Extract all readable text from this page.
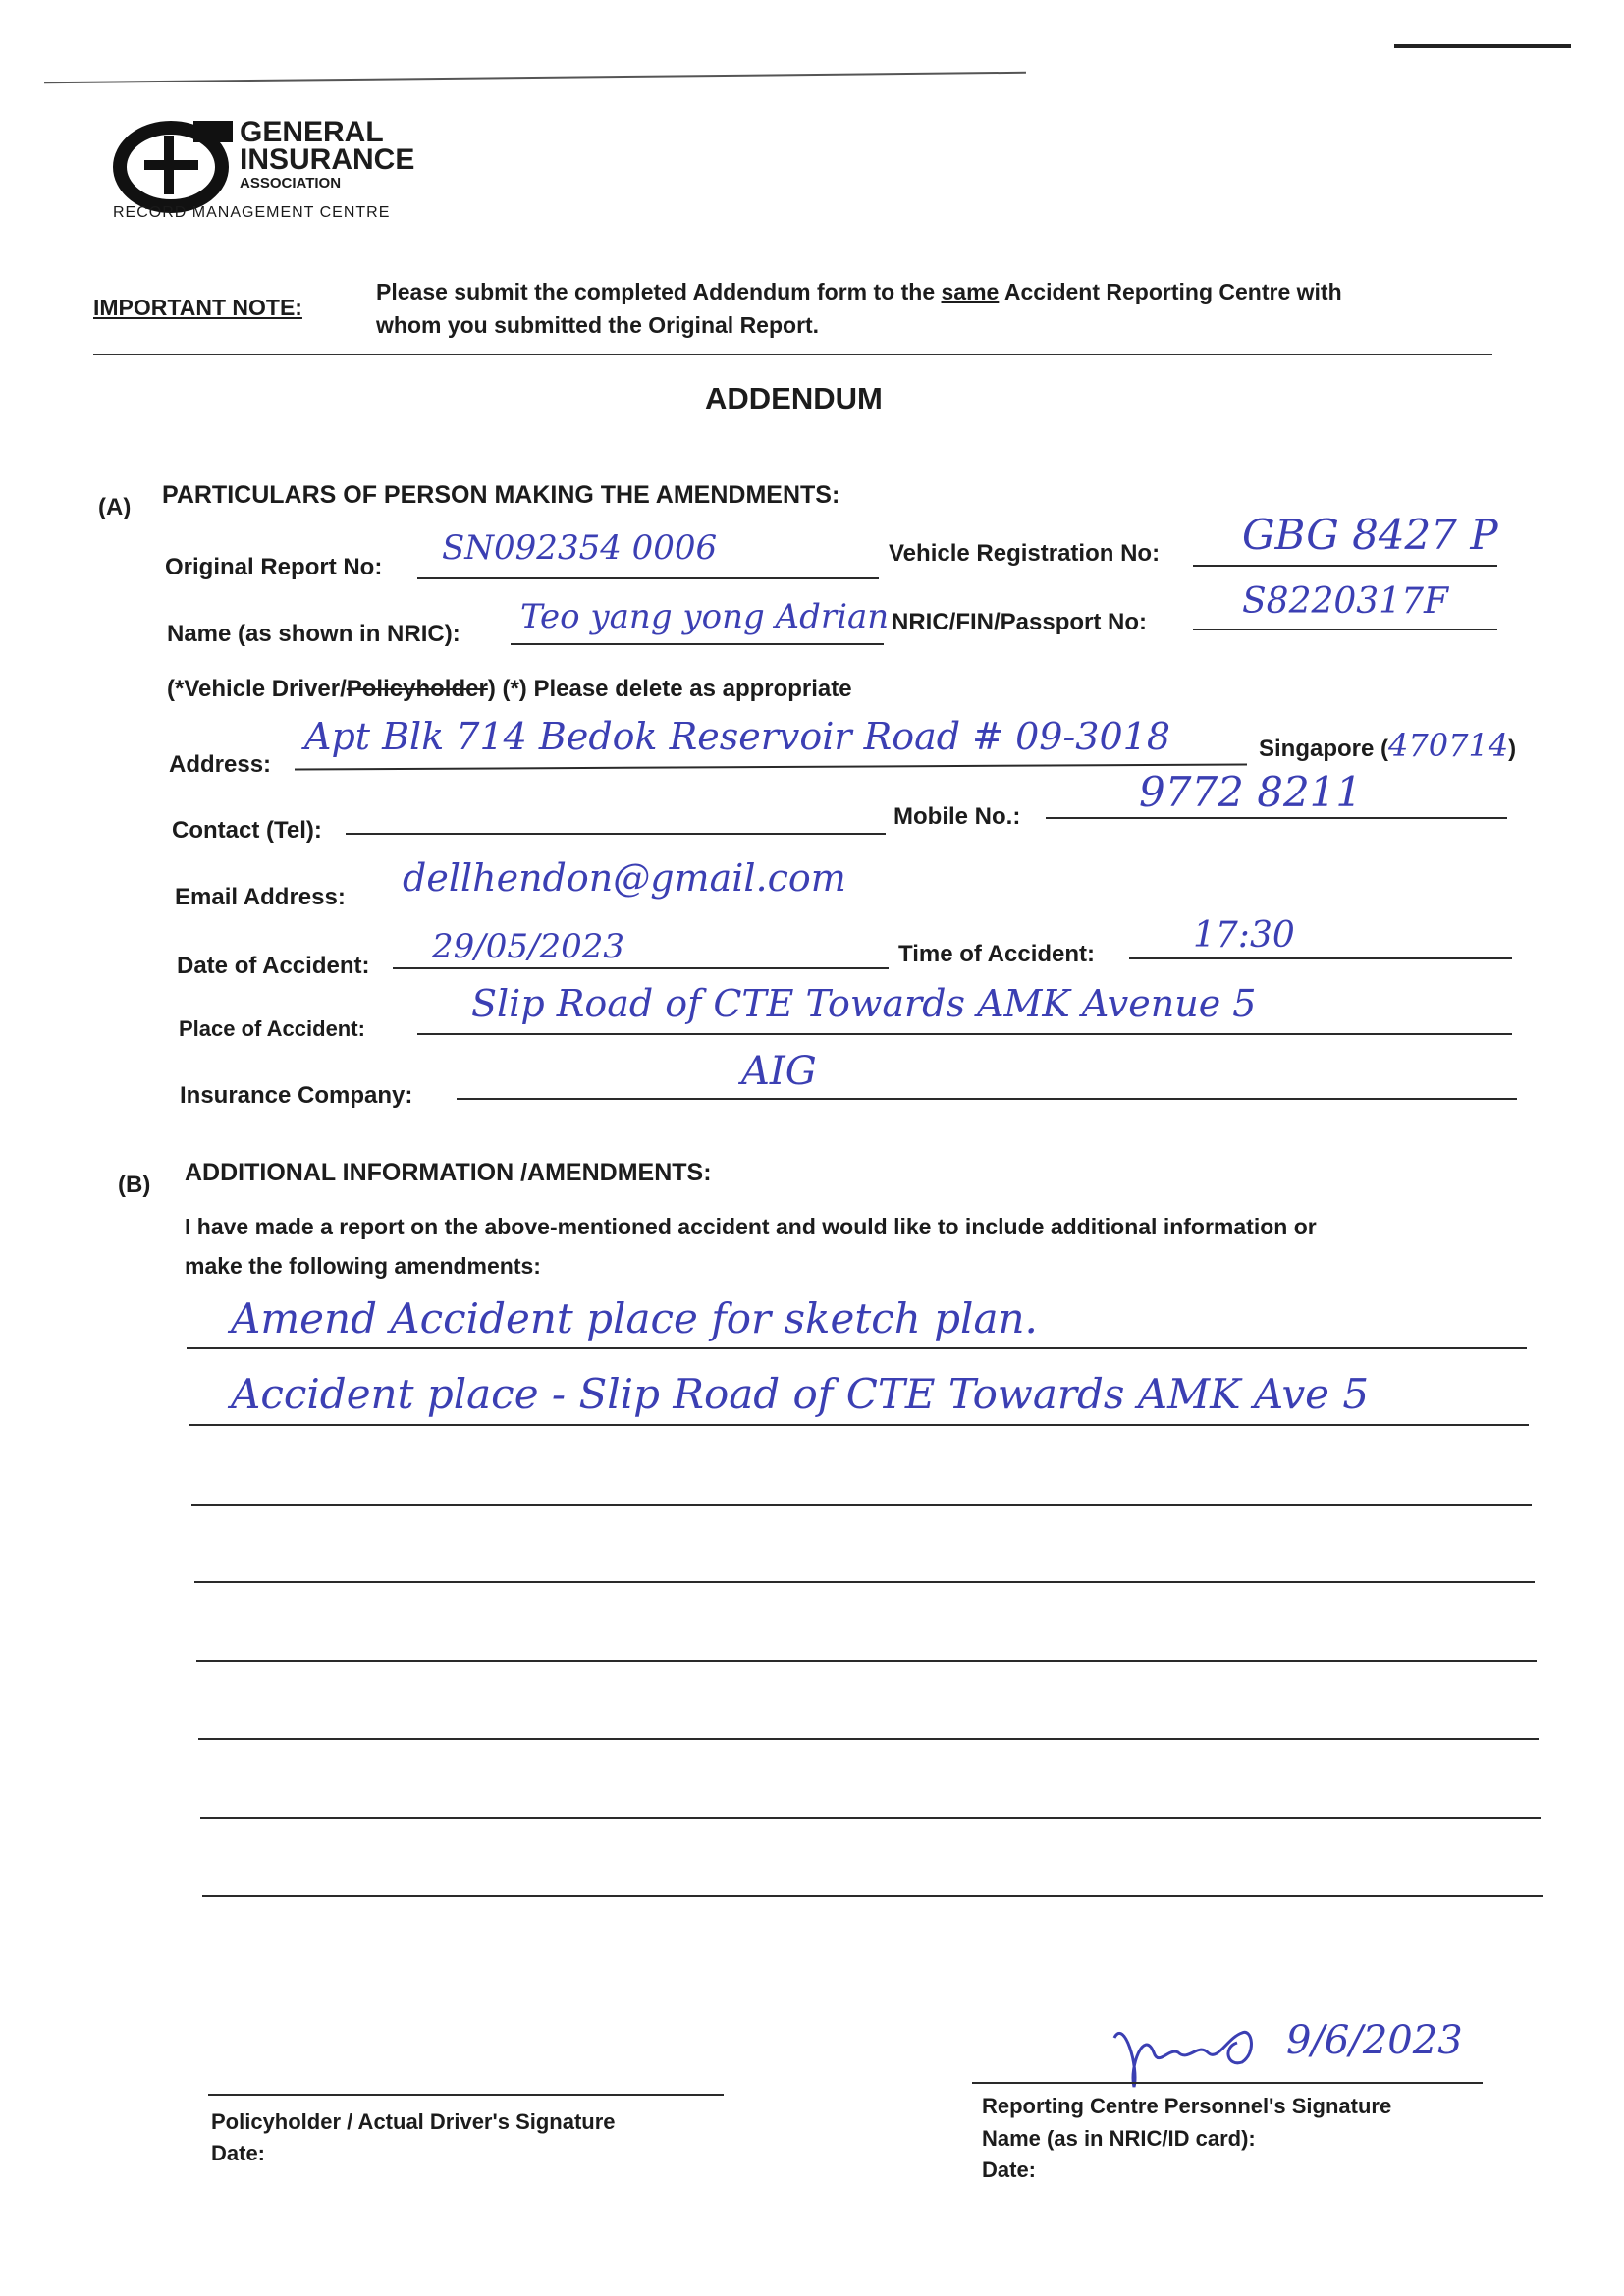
GENERAL
INSURANCE
ASSOCIATION
RECORD MANAGEMENT CENTRE
IMPORTANT NOTE:
Please submit the completed Addendum form to the same Accident Reporting Centre with
whom you submitted the Original Report.
ADDENDUM
(A) PARTICULARS OF PERSON MAKING THE AMENDMENTS:
Original Report No: SN092354 0006	Vehicle Registration No: GBG 8427 P
Name (as shown in NRIC): Teo yang yong Adrian NRIC/FIN/Passport No:
S8220317F
(*Vehicle Driver/Policyholder) (*) Please delete as appropriate
Address:
Apt Blk 714 Bedok Reservoir Road # 09-3018	Singapore (470714)
Contact (Tel):
Mobile No.:
9772 8211
Email Address: dellhendon@gmail.com
Date of Accident: 29/05/2023	Time of Accident:	17:30
Place of Accident:
Slip Road of CTE Towards AMK Avenue 5
Insurance Company:
AIG
(B) ADDITIONAL INFORMATION /AMENDMENTS:
I have made a report on the above-mentioned accident and would like to include additional information or
make the following amendments:
Amend Accident place for sketch plan.
Accident place - Slip Road of CTE Towards AMK Ave 5
Policyholder / Actual Driver's Signature
Date:
9/6/2023
Reporting Centre Personnel's Signature
Name (as in NRIC/ID card):
Date:
